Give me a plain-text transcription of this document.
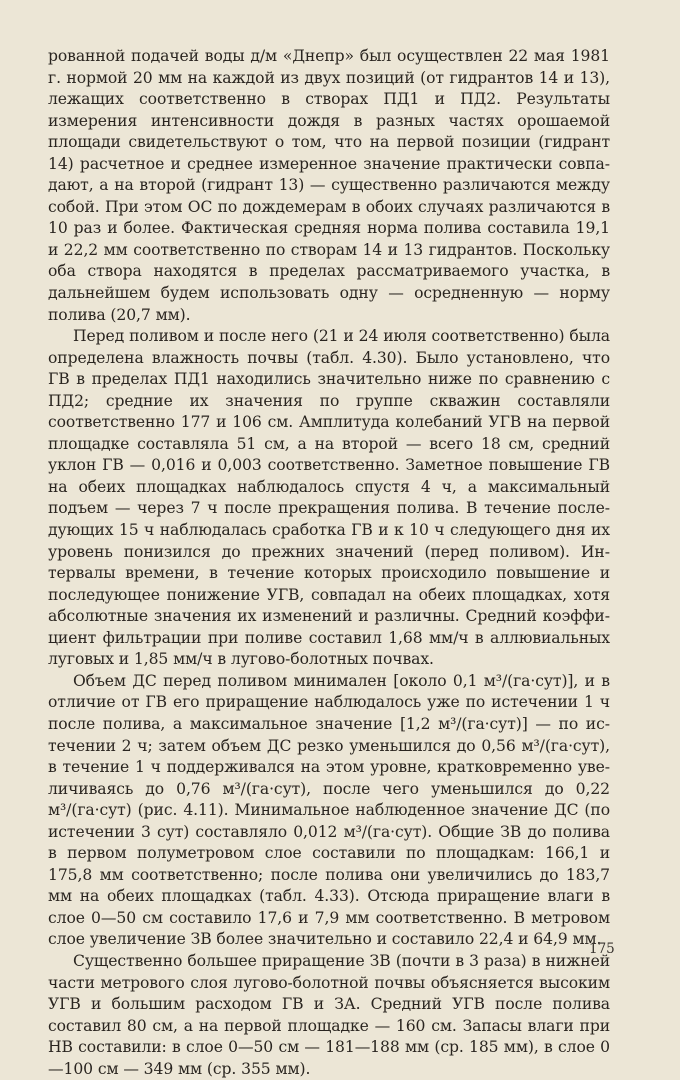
рованной подачей воды д/м «Днепр» был осуществлен 22 мая 1981 г. нормой 20 мм на каждой из двух позиций (от гидрантов 14 и 13), лежащих соответственно в створах ПД1 и ПД2. Результаты измерения интенсивности дождя в разных частях орошаемой площади свидетельствуют о том, что на первой позиции (гидрант 14) расчетное и среднее измеренное значение практически совпадают, а на второй (гидрант 13) — существенно различаются между собой. При этом ОС по дождемерам в обоих случаях различаются в 10 раз и более. Фактическая средняя норма полива составила 19,1 и 22,2 мм соответственно по створам 14 и 13 гидрантов. Поскольку оба створа находятся в пределах рассматриваемого участка, в дальнейшем будем использовать одну — осредненную — норму полива (20,7 мм).

Перед поливом и после него (21 и 24 июля соответственно) была определена влажность почвы (табл. 4.30). Было установлено, что ГВ в пределах ПД1 находились значительно ниже по сравнению с ПД2; средние их значения по группе скважин составляли соответственно 177 и 106 см. Амплитуда колебаний УГВ на первой площадке составляла 51 см, а на второй — всего 18 см, средний уклон ГВ — 0,016 и 0,003 соответственно. Заметное повышение ГВ на обеих площадках наблюдалось спустя 4 ч, а максимальный подъем — через 7 ч после прекращения полива. В течение последующих 15 ч наблюдалась сработка ГВ и к 10 ч следующего дня их уровень понизился до прежних значений (перед поливом). Интервалы времени, в течение которых происходило повышение и последующее понижение УГВ, совпадал на обеих площадках, хотя абсолютные значения их изменений и различны. Средний коэффициент фильтрации при поливе составил 1,68 мм/ч в аллювиальных луговых и 1,85 мм/ч в лугово-болотных почвах.

Объем ДС перед поливом минимален [около 0,1 м³/(га·сут)], и в отличие от ГВ его приращение наблюдалось уже по истечении 1 ч после полива, а максимальное значение [1,2 м³/(га·сут)] — по истечении 2 ч; затем объем ДС резко уменьшился до 0,56 м³/(га·сут), в течение 1 ч поддерживался на этом уровне, кратковременно увеличиваясь до 0,76 м³/(га·сут), после чего уменьшился до 0,22 м³/(га·сут) (рис. 4.11). Минимальное наблюденное значение ДС (по истечении 3 сут) составляло 0,012 м³/(га·сут). Общие ЗВ до полива в первом полуметровом слое составили по площадкам: 166,1 и 175,8 мм соответственно; после полива они увеличились до 183,7 мм на обеих площадках (табл. 4.33). Отсюда приращение влаги в слое 0—50 см составило 17,6 и 7,9 мм соответственно. В метровом слое увеличение ЗВ более значительно и составило 22,4 и 64,9 мм.

Существенно большее приращение ЗВ (почти в 3 раза) в нижней части метрового слоя лугово-болотной почвы объясняется высоким УГВ и большим расходом ГВ и ЗА. Средний УГВ после полива составил 80 см, а на первой площадке — 160 см. Запасы влаги при НВ составили: в слое 0—50 см — 181—188 мм (ср. 185 мм), в слое 0—100 см — 349 мм (ср. 355 мм).

175
